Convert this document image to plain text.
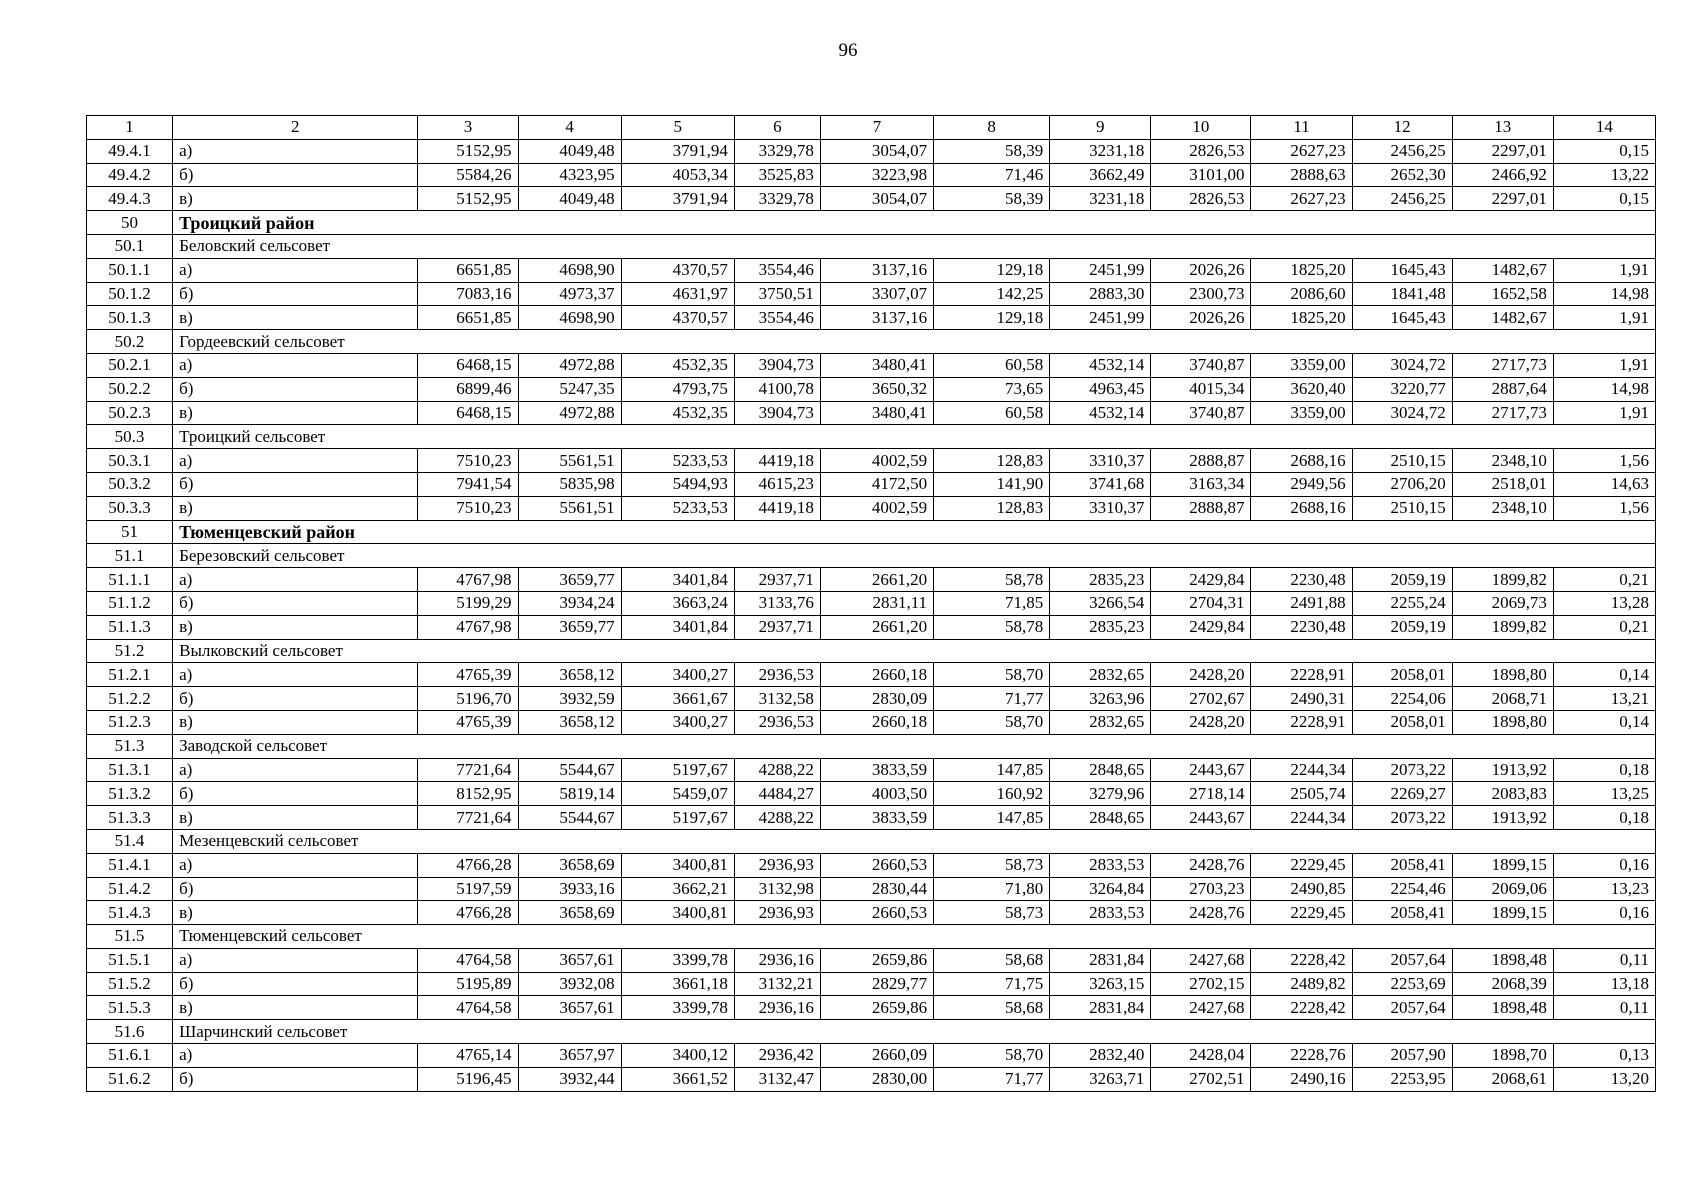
96
1	2	3	4	5	6	7	8	9	10	11	12	13	14
49.4.1	а)	5152,95	4049,48	3791,94	3329,78	3054,07	58,39	3231,18	2826,53	2627,23	2456,25	2297,01	0,15
49.4.2	б)	5584,26	4323,95	4053,34	3525,83	3223,98	71,46	3662,49	3101,00	2888,63	2652,30	2466,92	13,22
49.4.3	в)	5152,95	4049,48	3791,94	3329,78	3054,07	58,39	3231,18	2826,53	2627,23	2456,25	2297,01	0,15
50	Троицкий район												
50.1	Беловский сельсовет												
50.1.1	а)	6651,85	4698,90	4370,57	3554,46	3137,16	129,18	2451,99	2026,26	1825,20	1645,43	1482,67	1,91
50.1.2	б)	7083,16	4973,37	4631,97	3750,51	3307,07	142,25	2883,30	2300,73	2086,60	1841,48	1652,58	14,98
50.1.3	в)	6651,85	4698,90	4370,57	3554,46	3137,16	129,18	2451,99	2026,26	1825,20	1645,43	1482,67	1,91
50.2	Гордеевский сельсовет												
50.2.1	а)	6468,15	4972,88	4532,35	3904,73	3480,41	60,58	4532,14	3740,87	3359,00	3024,72	2717,73	1,91
50.2.2	б)	6899,46	5247,35	4793,75	4100,78	3650,32	73,65	4963,45	4015,34	3620,40	3220,77	2887,64	14,98
50.2.3	в)	6468,15	4972,88	4532,35	3904,73	3480,41	60,58	4532,14	3740,87	3359,00	3024,72	2717,73	1,91
50.3	Троицкий сельсовет												
50.3.1	а)	7510,23	5561,51	5233,53	4419,18	4002,59	128,83	3310,37	2888,87	2688,16	2510,15	2348,10	1,56
50.3.2	б)	7941,54	5835,98	5494,93	4615,23	4172,50	141,90	3741,68	3163,34	2949,56	2706,20	2518,01	14,63
50.3.3	в)	7510,23	5561,51	5233,53	4419,18	4002,59	128,83	3310,37	2888,87	2688,16	2510,15	2348,10	1,56
51	Тюменцевский район												
51.1	Березовский сельсовет												
51.1.1	а)	4767,98	3659,77	3401,84	2937,71	2661,20	58,78	2835,23	2429,84	2230,48	2059,19	1899,82	0,21
51.1.2	б)	5199,29	3934,24	3663,24	3133,76	2831,11	71,85	3266,54	2704,31	2491,88	2255,24	2069,73	13,28
51.1.3	в)	4767,98	3659,77	3401,84	2937,71	2661,20	58,78	2835,23	2429,84	2230,48	2059,19	1899,82	0,21
51.2	Вылковский сельсовет												
51.2.1	а)	4765,39	3658,12	3400,27	2936,53	2660,18	58,70	2832,65	2428,20	2228,91	2058,01	1898,80	0,14
51.2.2	б)	5196,70	3932,59	3661,67	3132,58	2830,09	71,77	3263,96	2702,67	2490,31	2254,06	2068,71	13,21
51.2.3	в)	4765,39	3658,12	3400,27	2936,53	2660,18	58,70	2832,65	2428,20	2228,91	2058,01	1898,80	0,14
51.3	Заводской сельсовет												
51.3.1	а)	7721,64	5544,67	5197,67	4288,22	3833,59	147,85	2848,65	2443,67	2244,34	2073,22	1913,92	0,18
51.3.2	б)	8152,95	5819,14	5459,07	4484,27	4003,50	160,92	3279,96	2718,14	2505,74	2269,27	2083,83	13,25
51.3.3	в)	7721,64	5544,67	5197,67	4288,22	3833,59	147,85	2848,65	2443,67	2244,34	2073,22	1913,92	0,18
51.4	Мезенцевский сельсовет												
51.4.1	а)	4766,28	3658,69	3400,81	2936,93	2660,53	58,73	2833,53	2428,76	2229,45	2058,41	1899,15	0,16
51.4.2	б)	5197,59	3933,16	3662,21	3132,98	2830,44	71,80	3264,84	2703,23	2490,85	2254,46	2069,06	13,23
51.4.3	в)	4766,28	3658,69	3400,81	2936,93	2660,53	58,73	2833,53	2428,76	2229,45	2058,41	1899,15	0,16
51.5	Тюменцевский сельсовет												
51.5.1	а)	4764,58	3657,61	3399,78	2936,16	2659,86	58,68	2831,84	2427,68	2228,42	2057,64	1898,48	0,11
51.5.2	б)	5195,89	3932,08	3661,18	3132,21	2829,77	71,75	3263,15	2702,15	2489,82	2253,69	2068,39	13,18
51.5.3	в)	4764,58	3657,61	3399,78	2936,16	2659,86	58,68	2831,84	2427,68	2228,42	2057,64	1898,48	0,11
51.6	Шарчинский сельсовет												
51.6.1	а)	4765,14	3657,97	3400,12	2936,42	2660,09	58,70	2832,40	2428,04	2228,76	2057,90	1898,70	0,13
51.6.2	б)	5196,45	3932,44	3661,52	3132,47	2830,00	71,77	3263,71	2702,51	2490,16	2253,95	2068,61	13,20
